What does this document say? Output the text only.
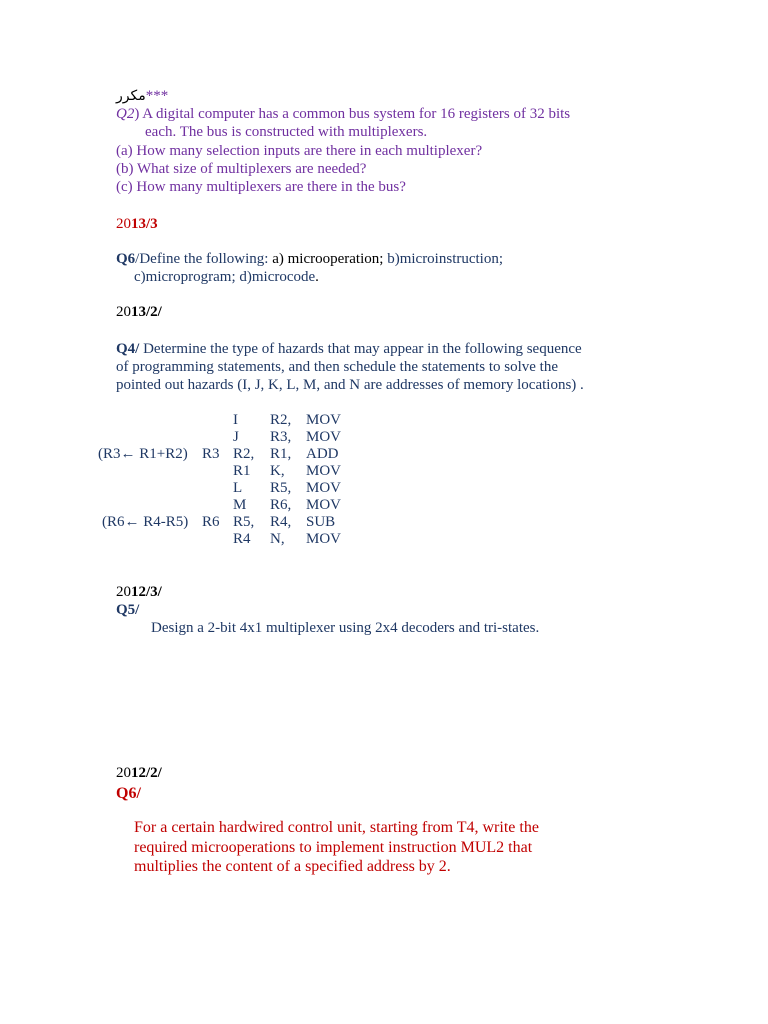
مكرر***
Q2) A digital computer has a common bus system for 16 registers of 32 bits
each. The bus is constructed with multiplexers.
(a) How many selection inputs are there in each multiplexer?
(b) What size of multiplexers are needed?
(c) How many multiplexers are there in the bus?
2013/3
Q6/Define the following: a) microoperation; b)microinstruction;
c)microprogram; d)microcode.
2013/2/
Q4/ Determine the type of hazards that may appear in the following sequence
of programming statements, and then schedule the statements to solve the
pointed out hazards (I, J, K, L, M, and N are addresses of memory locations) .
I R2, MOV
J R3, MOV
(R3← R1+R2) R3 R2, R1, ADD
R1 K, MOV
L R5, MOV
M R6, MOV
(R6← R4-R5) R6 R5, R4, SUB
R4 N, MOV
2012/3/
Q5/
Design a 2-bit 4x1 multiplexer using 2x4 decoders and tri-states.
2012/2/
Q6/
For a certain hardwired control unit, starting from T4, write the
required microoperations to implement instruction MUL2 that
multiplies the content of a specified address by 2.
